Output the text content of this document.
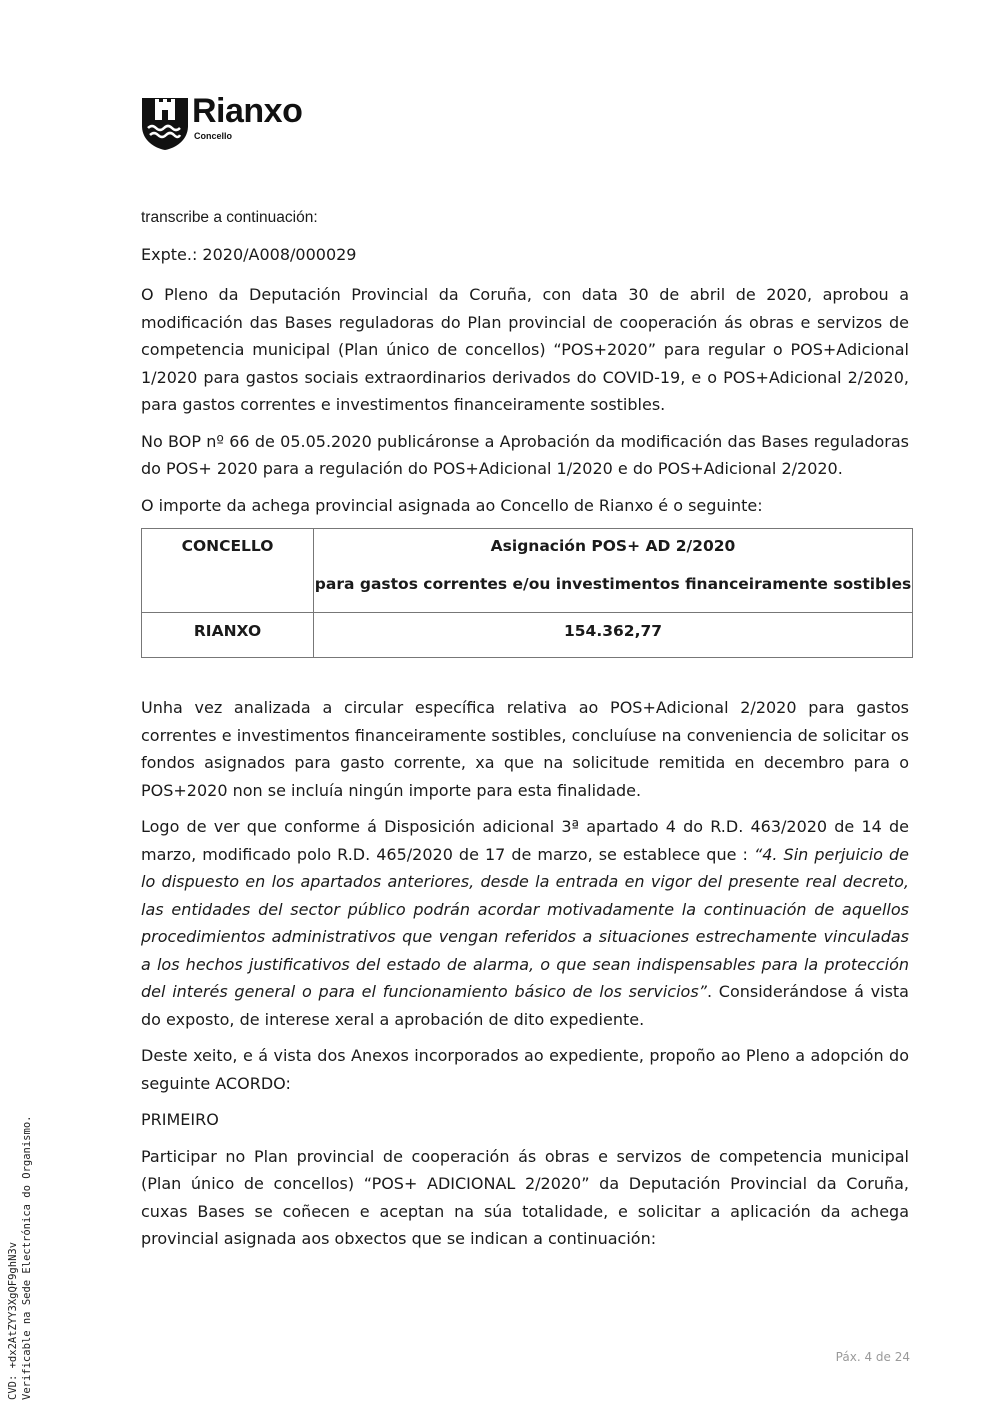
Rianxo
Concello

transcribe a continuación:

Expte.: 2020/A008/000029

O Pleno da Deputación Provincial da Coruña, con data 30 de abril de 2020, aprobou a modificación das Bases reguladoras do Plan provincial de cooperación ás obras e servizos de competencia municipal (Plan único de concellos) “POS+2020” para regular o POS+Adicional 1/2020 para gastos sociais extraordinarios derivados do COVID-19, e o POS+Adicional 2/2020, para gastos correntes e investimentos financeiramente sostibles.

No BOP nº 66 de 05.05.2020 publicáronse a Aprobación da modificación das Bases reguladoras do POS+ 2020 para a regulación do POS+Adicional 1/2020 e do POS+Adicional 2/2020.

O importe da achega provincial asignada ao Concello de Rianxo é o seguinte:

CONCELLO	Asignación POS+ AD 2/2020
para gastos correntes e/ou investimentos financeiramente sostibles

RIANXO	154.362,77

Unha vez analizada a circular específica relativa ao POS+Adicional 2/2020 para gastos correntes e investimentos financeiramente sostibles, concluíuse na conveniencia de solicitar os fondos asignados para gasto corrente, xa que na solicitude remitida en decembro para o POS+2020 non se incluía ningún importe para esta finalidade.

Logo de ver que conforme á Disposición adicional 3ª apartado 4 do R.D. 463/2020 de 14 de marzo, modificado polo R.D. 465/2020 de 17 de marzo, se establece que : “4. Sin perjuicio de lo dispuesto en los apartados anteriores, desde la entrada en vigor del presente real decreto, las entidades del sector público podrán acordar motivadamente la continuación de aquellos procedimientos administrativos que vengan referidos a situaciones estrechamente vinculadas a los hechos justificativos del estado de alarma, o que sean indispensables para la protección del interés general o para el funcionamiento básico de los servicios”. Considerándose á vista do exposto, de interese xeral a aprobación de dito expediente.

Deste xeito, e á vista dos Anexos incorporados ao expediente, propoño ao Pleno a adopción do seguinte ACORDO:

PRIMEIRO

Participar no Plan provincial de cooperación ás obras e servizos de competencia municipal (Plan único de concellos) “POS+ ADICIONAL 2/2020” da Deputación Provincial da Coruña, cuxas Bases se coñecen e aceptan na súa totalidade, e solicitar a aplicación da achega provincial asignada aos obxectos que se indican a continuación:

CVD: +dx2AtZYY3XgQF9ghN3v Verificable na Sede Electrónica do Organismo.	Páx. 4 de 24
